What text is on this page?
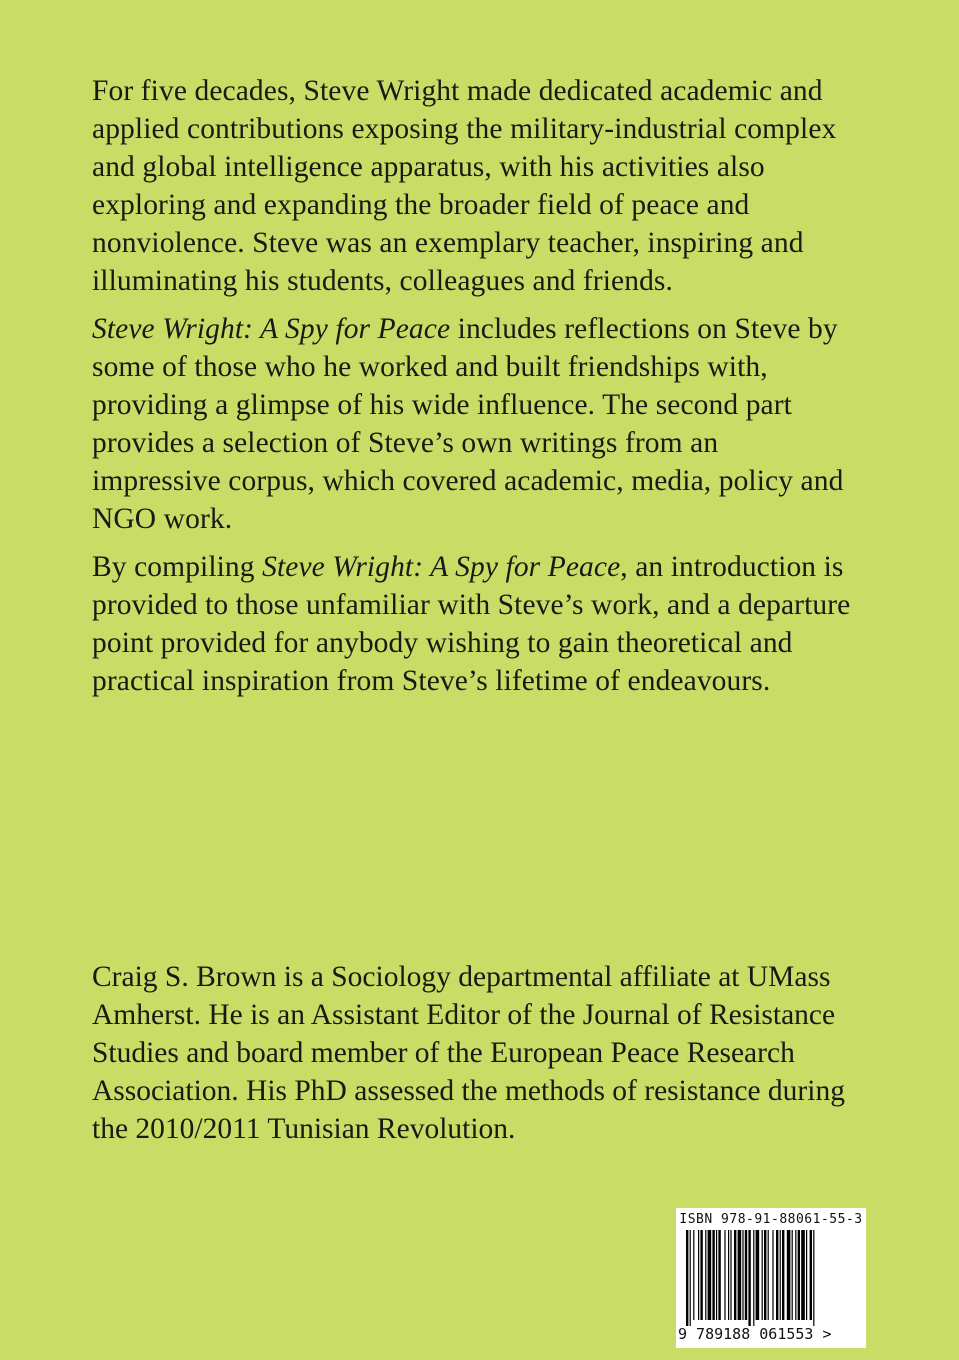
For five decades, Steve Wright made dedicated academic and applied contributions exposing the military-industrial complex and global intelligence apparatus, with his activities also exploring and expanding the broader field of peace and nonviolence. Steve was an exemplary teacher, inspiring and illuminating his students, colleagues and friends.

Steve Wright: A Spy for Peace includes reflections on Steve by some of those who he worked and built friendships with, providing a glimpse of his wide influence. The second part provides a selection of Steve’s own writings from an impressive corpus, which covered academic, media, policy and NGO work.

By compiling Steve Wright: A Spy for Peace, an introduction is provided to those unfamiliar with Steve’s work, and a departure point provided for anybody wishing to gain theoretical and practical inspiration from Steve’s lifetime of endeavours.

Craig S. Brown is a Sociology departmental affiliate at UMass Amherst. He is an Assistant Editor of the Journal of Resistance Studies and board member of the European Peace Research Association. His PhD assessed the methods of resistance during the 2010/2011 Tunisian Revolution.

ISBN 978-91-88061-55-3
9 789188 061553 >
